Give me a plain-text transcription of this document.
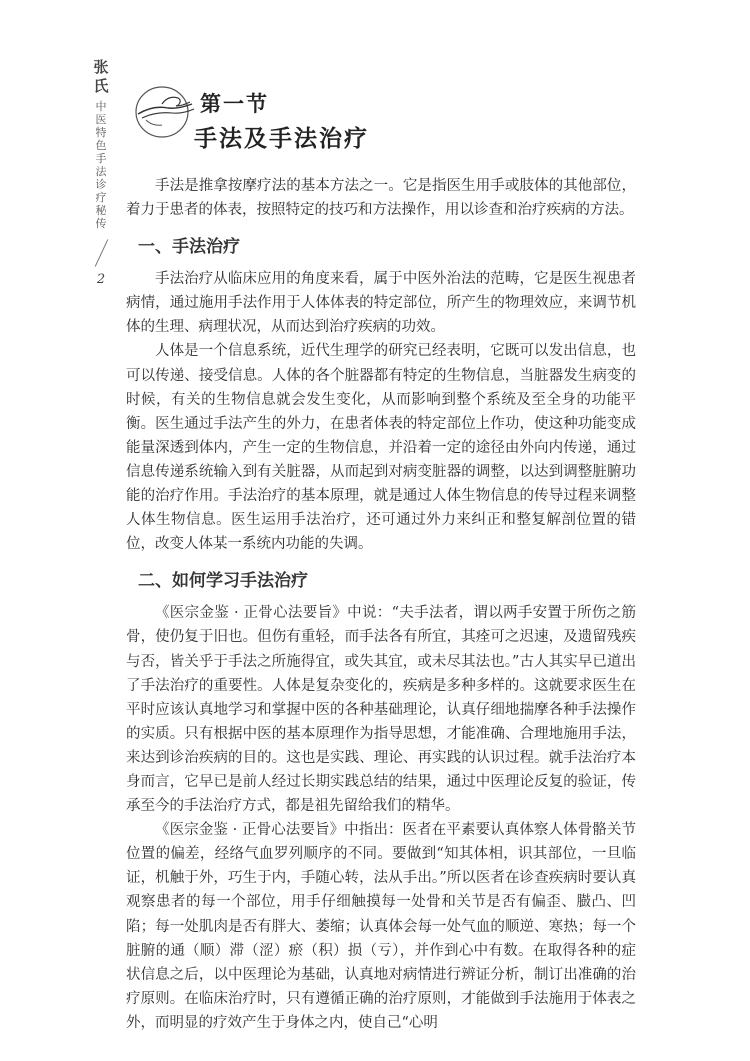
张
氏
中
医
特
色
手
法
诊
疗
秘
传
2
第一节
手法及手法治疗

手法是推拿按摩疗法的基本方法之一。它是指医生用手或肢体的其他部位，着力于患者的体表，按照特定的技巧和方法操作，用以诊查和治疗疾病的方法。

一、手法治疗

手法治疗从临床应用的角度来看，属于中医外治法的范畴，它是医生视患者病情，通过施用手法作用于人体体表的特定部位，所产生的物理效应，来调节机体的生理、病理状况，从而达到治疗疾病的功效。

人体是一个信息系统，近代生理学的研究已经表明，它既可以发出信息，也可以传递、接受信息。人体的各个脏器都有特定的生物信息，当脏器发生病变的时候，有关的生物信息就会发生变化，从而影响到整个系统及至全身的功能平衡。医生通过手法产生的外力，在患者体表的特定部位上作功，使这种功能变成能量深透到体内，产生一定的生物信息，并沿着一定的途径由外向内传递，通过信息传递系统输入到有关脏器，从而起到对病变脏器的调整，以达到调整脏腑功能的治疗作用。手法治疗的基本原理，就是通过人体生物信息的传导过程来调整人体生物信息。医生运用手法治疗，还可通过外力来纠正和整复解剖位置的错位，改变人体某一系统内功能的失调。

二、如何学习手法治疗

《医宗金鉴 · 正骨心法要旨》中说：“夫手法者，谓以两手安置于所伤之筋骨，使仍复于旧也。但伤有重轻，而手法各有所宜，其痊可之迟速，及遗留残疾与否，皆关乎于手法之所施得宜，或失其宜，或未尽其法也。”古人其实早已道出了手法治疗的重要性。人体是复杂变化的，疾病是多种多样的。这就要求医生在平时应该认真地学习和掌握中医的各种基础理论，认真仔细地揣摩各种手法操作的实质。只有根据中医的基本原理作为指导思想，才能准确、合理地施用手法，来达到诊治疾病的目的。这也是实践、理论、再实践的认识过程。就手法治疗本身而言，它早已是前人经过长期实践总结的结果，通过中医理论反复的验证，传承至今的手法治疗方式，都是祖先留给我们的精华。

《医宗金鉴 · 正骨心法要旨》中指出：医者在平素要认真体察人体骨骼关节位置的偏差，经络气血罗列顺序的不同。要做到“知其体相，识其部位，一旦临证，机触于外，巧生于内，手随心转，法从手出。”所以医者在诊查疾病时要认真观察患者的每一个部位，用手仔细触摸每一处骨和关节是否有偏歪、臌凸、凹陷；每一处肌肉是否有胖大、萎缩；认真体会每一处气血的顺逆、寒热；每一个脏腑的通（顺）滞（涩）瘀（积）损（亏），并作到心中有数。在取得各种的症状信息之后，以中医理论为基础，认真地对病情进行辨证分析，制订出准确的治疗原则。在临床治疗时，只有遵循正确的治疗原则，才能做到手法施用于体表之外，而明显的疗效产生于身体之内，使自己“心明
